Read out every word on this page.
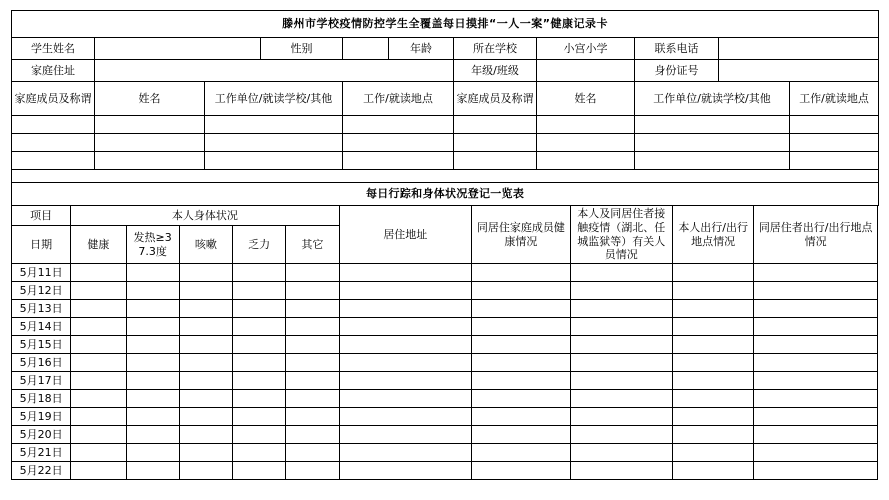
滕州市学校疫情防控学生全覆盖每日摸排“一人一案”健康记录卡										
学生姓名			性别		年龄	所在学校	小宫小学	联系电话		
家庭住址						年级/班级		身份证号		
家庭成员及称谓	姓名	工作单位/就读学校/其他		工作/就读地点		家庭成员及称谓	姓名	工作单位/就读学校/其他		工作/就读地点

每日行踪和身体状况登记一览表										
项目	本人身体状况					居住地址	同居住家庭成员健康情况	本人及同居住者接触疫情（湖北、任城监狱等）有关人员情况	本人出行/出行地点情况	同居住者出行/出行地点情况
日期	健康	发热≥37.3度	咳嗽	乏力	其它					
5月11日										
5月12日										
5月13日										
5月14日										
5月15日										
5月16日										
5月17日										
5月18日										
5月19日										
5月20日										
5月21日										
5月22日										
